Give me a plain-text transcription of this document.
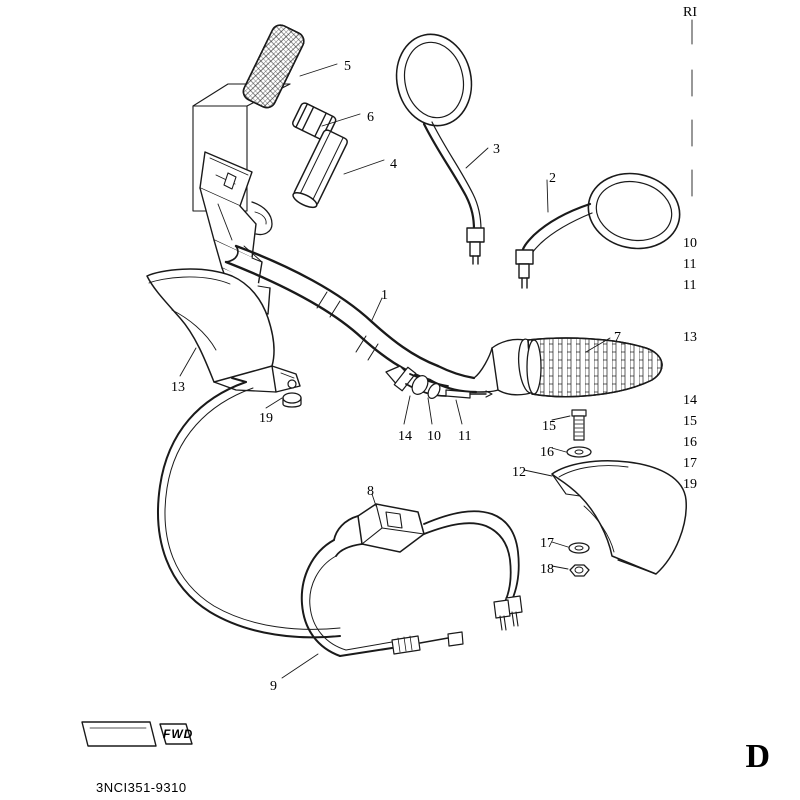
5
6
4
3
2
1
7
13
19
14 10 11
15
16
12
17
18
8
9
10
11
11
13
14
15
16
17
19
RI
FWD
3NCI351-9310
D
